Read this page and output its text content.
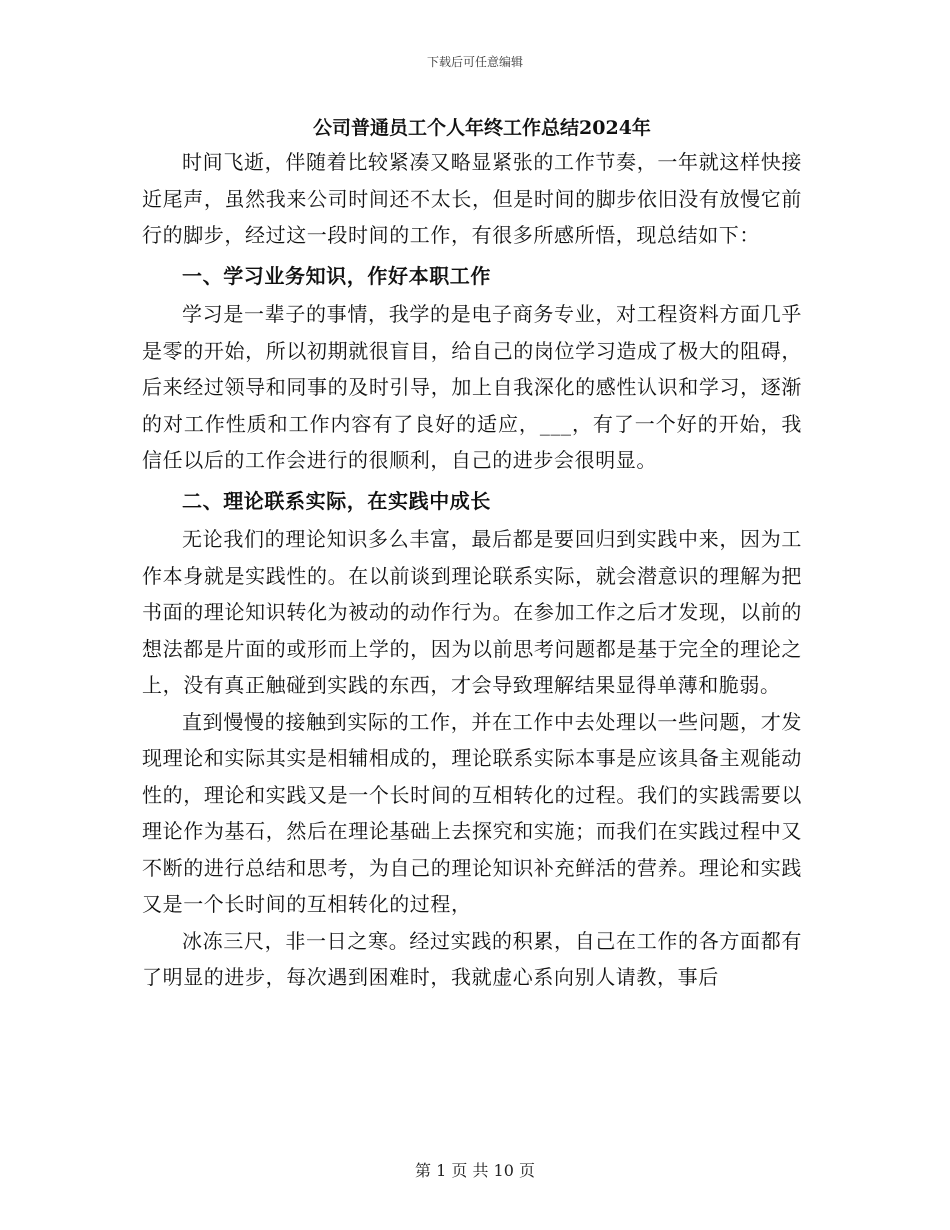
下载后可任意编辑
公司普通员工个人年终工作总结2024年

时间飞逝，伴随着比较紧凑又略显紧张的工作节奏，一年就这样快接近尾声，虽然我来公司时间还不太长，但是时间的脚步依旧没有放慢它前行的脚步，经过这一段时间的工作，有很多所感所悟，现总结如下：

一、学习业务知识，作好本职工作

学习是一辈子的事情，我学的是电子商务专业，对工程资料方面几乎是零的开始，所以初期就很盲目，给自己的岗位学习造成了极大的阻碍，后来经过领导和同事的及时引导，加上自我深化的感性认识和学习，逐渐的对工作性质和工作内容有了良好的适应，___，有了一个好的开始，我信任以后的工作会进行的很顺利，自己的进步会很明显。

二、理论联系实际，在实践中成长

无论我们的理论知识多么丰富，最后都是要回归到实践中来，因为工作本身就是实践性的。在以前谈到理论联系实际，就会潜意识的理解为把书面的理论知识转化为被动的动作行为。在参加工作之后才发现，以前的想法都是片面的或形而上学的，因为以前思考问题都是基于完全的理论之上，没有真正触碰到实践的东西，才会导致理解结果显得单薄和脆弱。

直到慢慢的接触到实际的工作，并在工作中去处理以一些问题，才发现理论和实际其实是相辅相成的，理论联系实际本事是应该具备主观能动性的，理论和实践又是一个长时间的互相转化的过程。我们的实践需要以理论作为基石，然后在理论基础上去探究和实施；而我们在实践过程中又不断的进行总结和思考，为自己的理论知识补充鲜活的营养。理论和实践又是一个长时间的互相转化的过程，

冰冻三尺，非一日之寒。经过实践的积累，自己在工作的各方面都有了明显的进步，每次遇到困难时，我就虚心系向别人请教，事后

第 1 页 共 10 页
